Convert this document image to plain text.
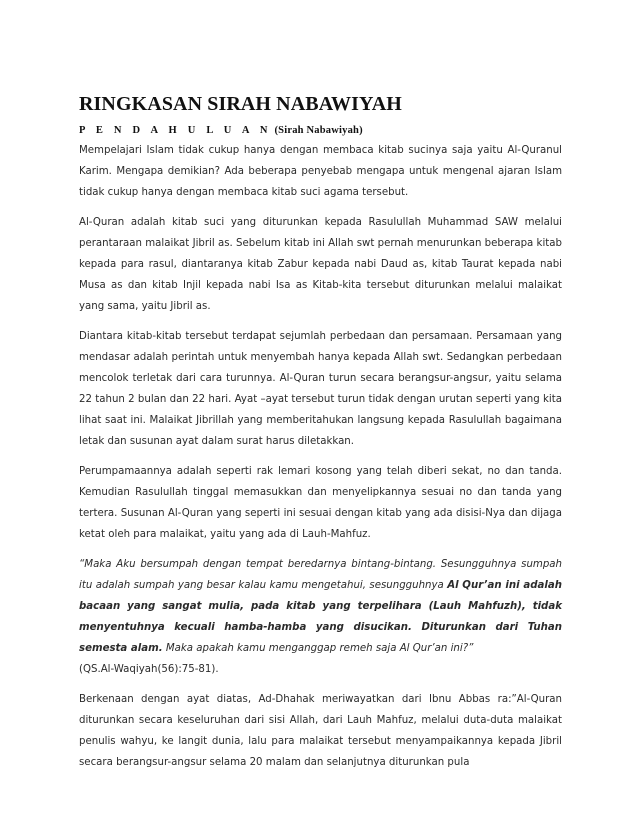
RINGKASAN SIRAH NABAWIYAH
P E N D A H U L U A N (Sirah Nabawiyah)

Mempelajari Islam tidak cukup hanya dengan membaca kitab sucinya saja yaitu Al-Quranul Karim. Mengapa demikian? Ada beberapa penyebab mengapa untuk mengenal ajaran Islam tidak cukup hanya dengan membaca kitab suci agama tersebut.

Al-Quran adalah kitab suci yang diturunkan kepada Rasulullah Muhammad SAW melalui perantaraan malaikat Jibril as. Sebelum kitab ini Allah swt pernah menurunkan beberapa kitab kepada para rasul, diantaranya kitab Zabur kepada nabi Daud as, kitab Taurat kepada nabi Musa as dan kitab Injil kepada nabi Isa as Kitab-kita tersebut diturunkan melalui malaikat yang sama, yaitu Jibril as.

Diantara kitab-kitab tersebut terdapat sejumlah perbedaan dan persamaan. Persamaan yang mendasar adalah perintah untuk menyembah hanya kepada Allah swt. Sedangkan perbedaan mencolok terletak dari cara turunnya. Al-Quran turun secara berangsur-angsur, yaitu selama 22 tahun 2 bulan dan 22 hari. Ayat –ayat tersebut turun tidak dengan urutan seperti yang kita lihat saat ini. Malaikat Jibrillah yang memberitahukan langsung kepada Rasulullah bagaimana letak dan susunan ayat dalam surat harus diletakkan.

Perumpamaannya adalah seperti rak lemari kosong yang telah diberi sekat, no dan tanda. Kemudian Rasulullah tinggal memasukkan dan menyelipkannya sesuai no dan tanda yang tertera. Susunan Al-Quran yang seperti ini sesuai dengan kitab yang ada disisi-Nya dan dijaga ketat oleh para malaikat, yaitu yang ada di Lauh-Mahfuz.

“Maka Aku bersumpah dengan tempat beredarnya bintang-bintang. Sesungguhnya sumpah itu adalah sumpah yang besar kalau kamu mengetahui, sesungguhnya Al Qur’an ini adalah bacaan yang sangat mulia, pada kitab yang terpelihara (Lauh Mahfuzh), tidak menyentuhnya kecuali hamba-hamba yang disucikan. Diturunkan dari Tuhan semesta alam. Maka apakah kamu menganggap remeh saja Al Qur’an ini?”
(QS.Al-Waqiyah(56):75-81).

Berkenaan dengan ayat diatas, Ad-Dhahak meriwayatkan dari Ibnu Abbas ra:”Al-Quran diturunkan secara keseluruhan dari sisi Allah, dari Lauh Mahfuz, melalui duta-duta malaikat penulis wahyu, ke langit dunia, lalu para malaikat tersebut menyampaikannya kepada Jibril secara berangsur-angsur selama 20 malam dan selanjutnya diturunkan pula
